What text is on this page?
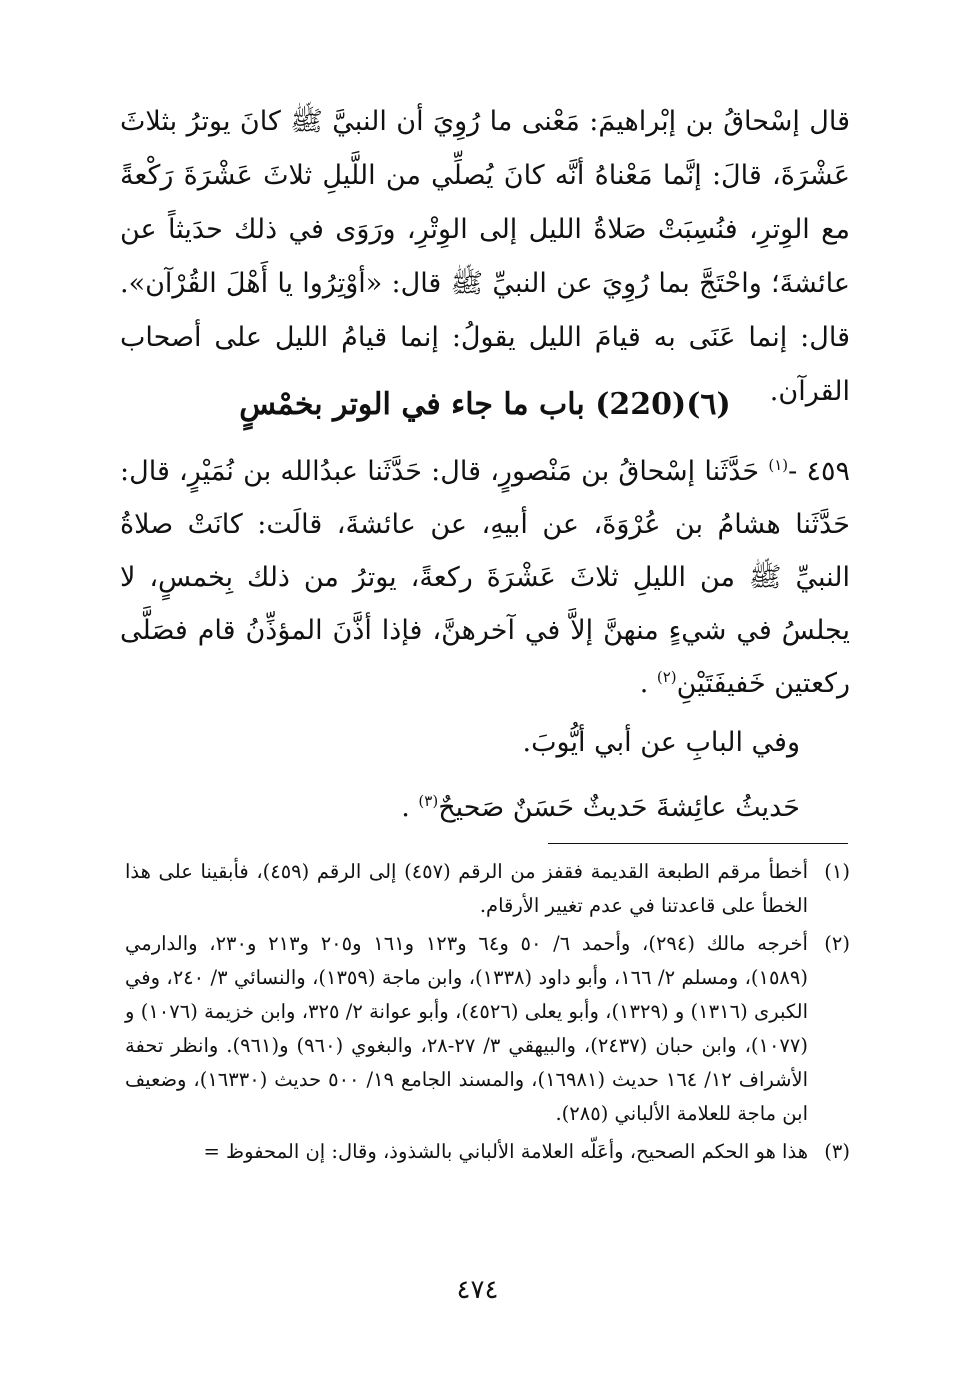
قال إسْحاقُ بن إبْراهيمَ: مَعْنى ما رُوِيَ أن النبيَّ ﷺ كانَ يوترُ بثلاثَ عَشْرَةَ، قالَ: إنَّما مَعْناهُ أنَّه كانَ يُصلِّي من اللَّيلِ ثلاثَ عَشْرَةَ رَكْعةً مع الوِترِ، فنُسِبَتْ صَلاةُ الليل إلى الوِتْرِ، ورَوَى في ذلك حدَيثاً عن عائشةَ؛ واحْتَجَّ بما رُوِيَ عن النبيِّ ﷺ قال: «أوْتِرُوا يا أَهْلَ القُرْآن». قال: إنما عَنَى به قيامَ الليل يقولُ: إنما قيامُ الليل على أصحاب القرآن.

(٦)(220) باب ما جاء في الوتر بخمْسٍ

٤٥٩ -$^{(١)}$ حَدَّثَنا إسْحاقُ بن مَنْصورٍ، قال: حَدَّثَنا عبدُالله بن نُمَيْرٍ، قال: حَدَّثَنا هشامُ بن عُرْوَةَ، عن أبيهِ، عن عائشةَ، قالَت: كانَتْ صلاةُ النبيِّ ﷺ من الليلِ ثلاثَ عَشْرَةَ ركعةً، يوترُ من ذلك بِخمسٍ، لا يجلسُ في شيءٍ منهنَّ إلاَّ في آخرهنَّ، فإذا أذَّنَ المؤذِّنُ قام فصَلَّى ركعتين خَفيفَتَيْنِ$^{(٢)}$ .

وفي البابِ عن أبي أيُّوبَ.
حَديثُ عائِشةَ حَديثٌ حَسَنٌ صَحيحٌ$^{(٣)}$ .
(١)
أخطأ مرقم الطبعة القديمة فقفز من الرقم (٤٥٧) إلى الرقم (٤٥٩)، فأبقينا على هذا الخطأ على قاعدتنا في عدم تغيير الأرقام.
(٢)
أخرجه مالك (٢٩٤)، وأحمد ٦/ ٥٠ و٦٤ و١٢٣ و١٦١ و٢٠٥ و٢١٣ و٢٣٠، والدارمي (١٥٨٩)، ومسلم ٢/ ١٦٦، وأبو داود (١٣٣٨)، وابن ماجة (١٣٥٩)، والنسائي ٣/ ٢٤٠، وفي الكبرى (١٣١٦) و (١٣٢٩)، وأبو يعلى (٤٥٢٦)، وأبو عوانة ٢/ ٣٢٥، وابن خزيمة (١٠٧٦) و (١٠٧٧)، وابن حبان (٢٤٣٧)، والبيهقي ٣/ ٢٧-٢٨، والبغوي (٩٦٠) و(٩٦١). وانظر تحفة الأشراف ١٢/ ١٦٤ حديث (١٦٩٨١)، والمسند الجامع ١٩/ ٥٠٠ حديث (١٦٣٣٠)، وضعيف ابن ماجة للعلامة الألباني (٢٨٥).
(٣)
هذا هو الحكم الصحيح، وأعَلّه العلامة الألباني بالشذوذ، وقال: إن المحفوظ =
٤٧٤
